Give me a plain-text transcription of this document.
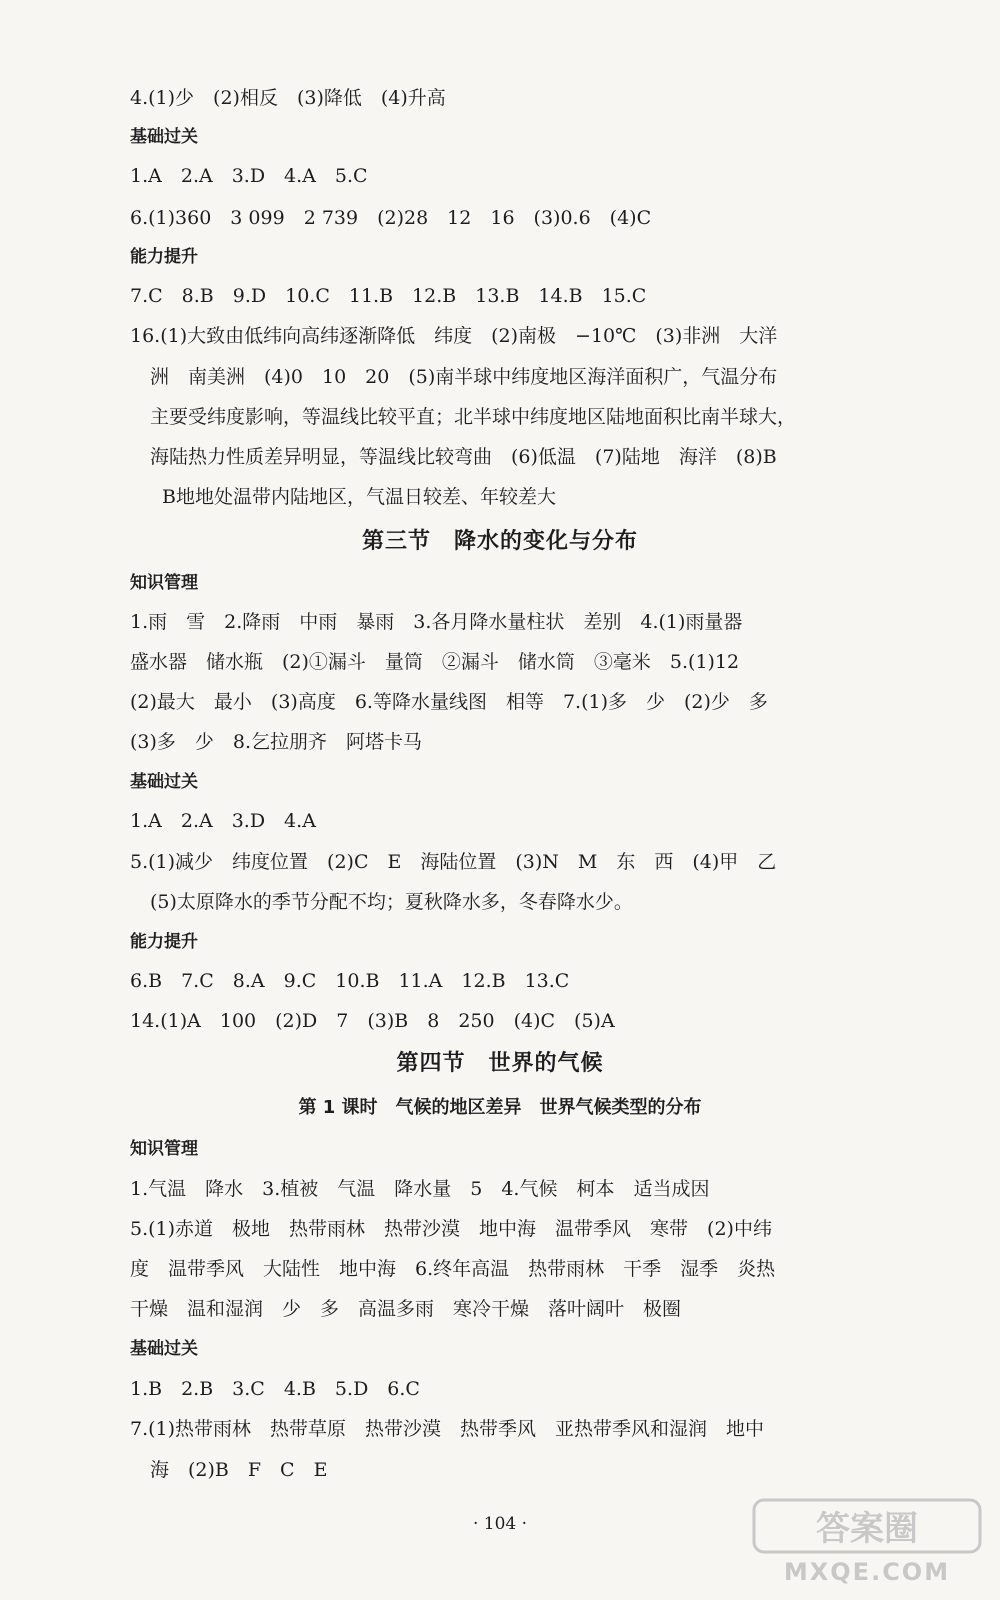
4.(1)少　(2)相反　(3)降低　(4)升高
基础过关
1.A　2.A　3.D　4.A　5.C
6.(1)360　3 099　2 739　(2)28　12　16　(3)0.6　(4)C
能力提升
7.C　8.B　9.D　10.C　11.B　12.B　13.B　14.B　15.C
16.(1)大致由低纬向高纬逐渐降低　纬度　(2)南极　−10℃　(3)非洲　大洋
洲　南美洲　(4)0　10　20　(5)南半球中纬度地区海洋面积广，气温分布
主要受纬度影响，等温线比较平直；北半球中纬度地区陆地面积比南半球大，
海陆热力性质差异明显，等温线比较弯曲　(6)低温　(7)陆地　海洋　(8)B
B地地处温带内陆地区，气温日较差、年较差大
第三节　降水的变化与分布
知识管理
1.雨　雪　2.降雨　中雨　暴雨　3.各月降水量柱状　差别　4.(1)雨量器
盛水器　储水瓶　(2)①漏斗　量筒　②漏斗　储水筒　③毫米　5.(1)12
(2)最大　最小　(3)高度　6.等降水量线图　相等　7.(1)多　少　(2)少　多
(3)多　少　8.乞拉朋齐　阿塔卡马
基础过关
1.A　2.A　3.D　4.A
5.(1)减少　纬度位置　(2)C　E　海陆位置　(3)N　M　东　西　(4)甲　乙
(5)太原降水的季节分配不均；夏秋降水多，冬春降水少。
能力提升
6.B　7.C　8.A　9.C　10.B　11.A　12.B　13.C
14.(1)A　100　(2)D　7　(3)B　8　250　(4)C　(5)A
第四节　世界的气候
第 1 课时　气候的地区差异　世界气候类型的分布
知识管理
1.气温　降水　3.植被　气温　降水量　5　4.气候　柯本　适当成因
5.(1)赤道　极地　热带雨林　热带沙漠　地中海　温带季风　寒带　(2)中纬
度　温带季风　大陆性　地中海　6.终年高温　热带雨林　干季　湿季　炎热
干燥　温和湿润　少　多　高温多雨　寒冷干燥　落叶阔叶　极圈
基础过关
1.B　2.B　3.C　4.B　5.D　6.C
7.(1)热带雨林　热带草原　热带沙漠　热带季风　亚热带季风和湿润　地中
海　(2)B　F　C　E
· 104 ·	答案圈
MXQE.COM
